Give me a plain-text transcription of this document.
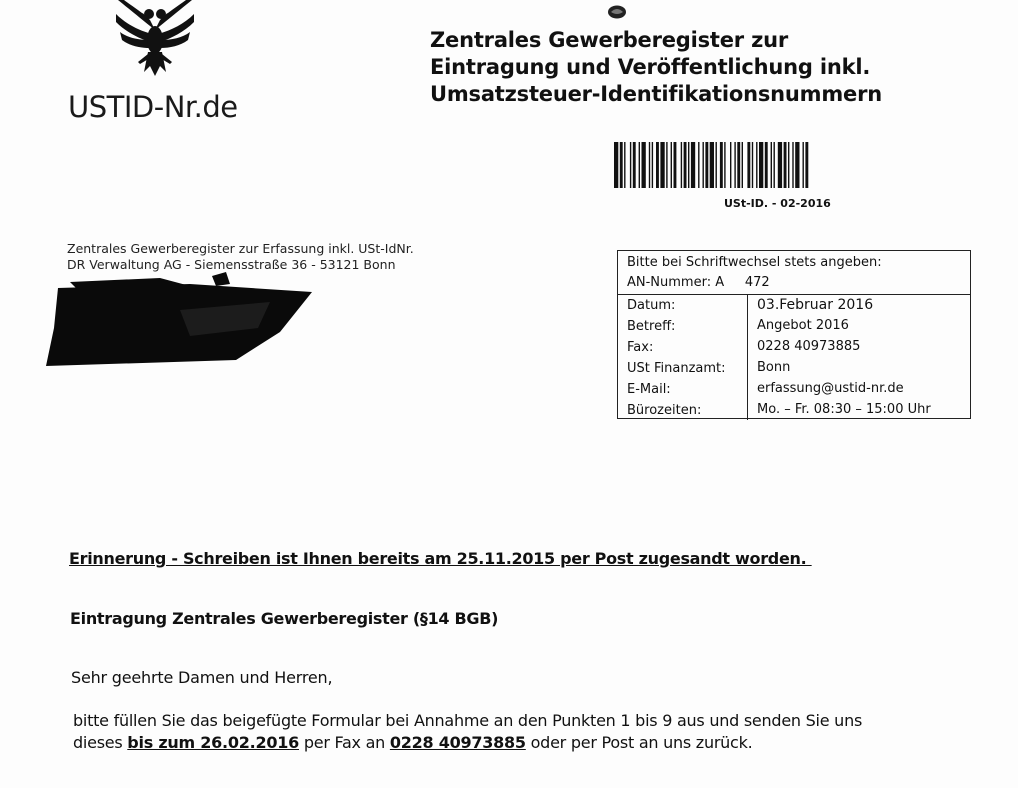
USTID-Nr.de
Zentrales Gewerberegister zur
Eintragung und Veröffentlichung inkl.
Umsatzsteuer-Identifikationsnummern
USt-ID. - 02-2016
Zentrales Gewerberegister zur Erfassung inkl. USt-IdNr.
DR Verwaltung AG - Siemensstraße 36 - 53121 Bonn	Bitte bei Schriftwechsel stets angeben:
AN-Nummer: A        472
Datum:	03.Februar 2016
Betreff:	Angebot 2016
Fax:	0228 40973885
USt Finanzamt: Bonn
E-Mail:	erfassung@ustid-nr.de
Bürozeiten:	Mo. – Fr. 08:30 – 15:00 Uhr
Erinnerung - Schreiben ist Ihnen bereits am 25.11.2015 per Post zugesandt worden.
Eintragung Zentrales Gewerberegister (§14 BGB)
Sehr geehrte Damen und Herren,
bitte füllen Sie das beigefügte Formular bei Annahme an den Punkten 1 bis 9 aus und senden Sie uns
dieses bis zum 26.02.2016 per Fax an 0228 40973885 oder per Post an uns zurück.
